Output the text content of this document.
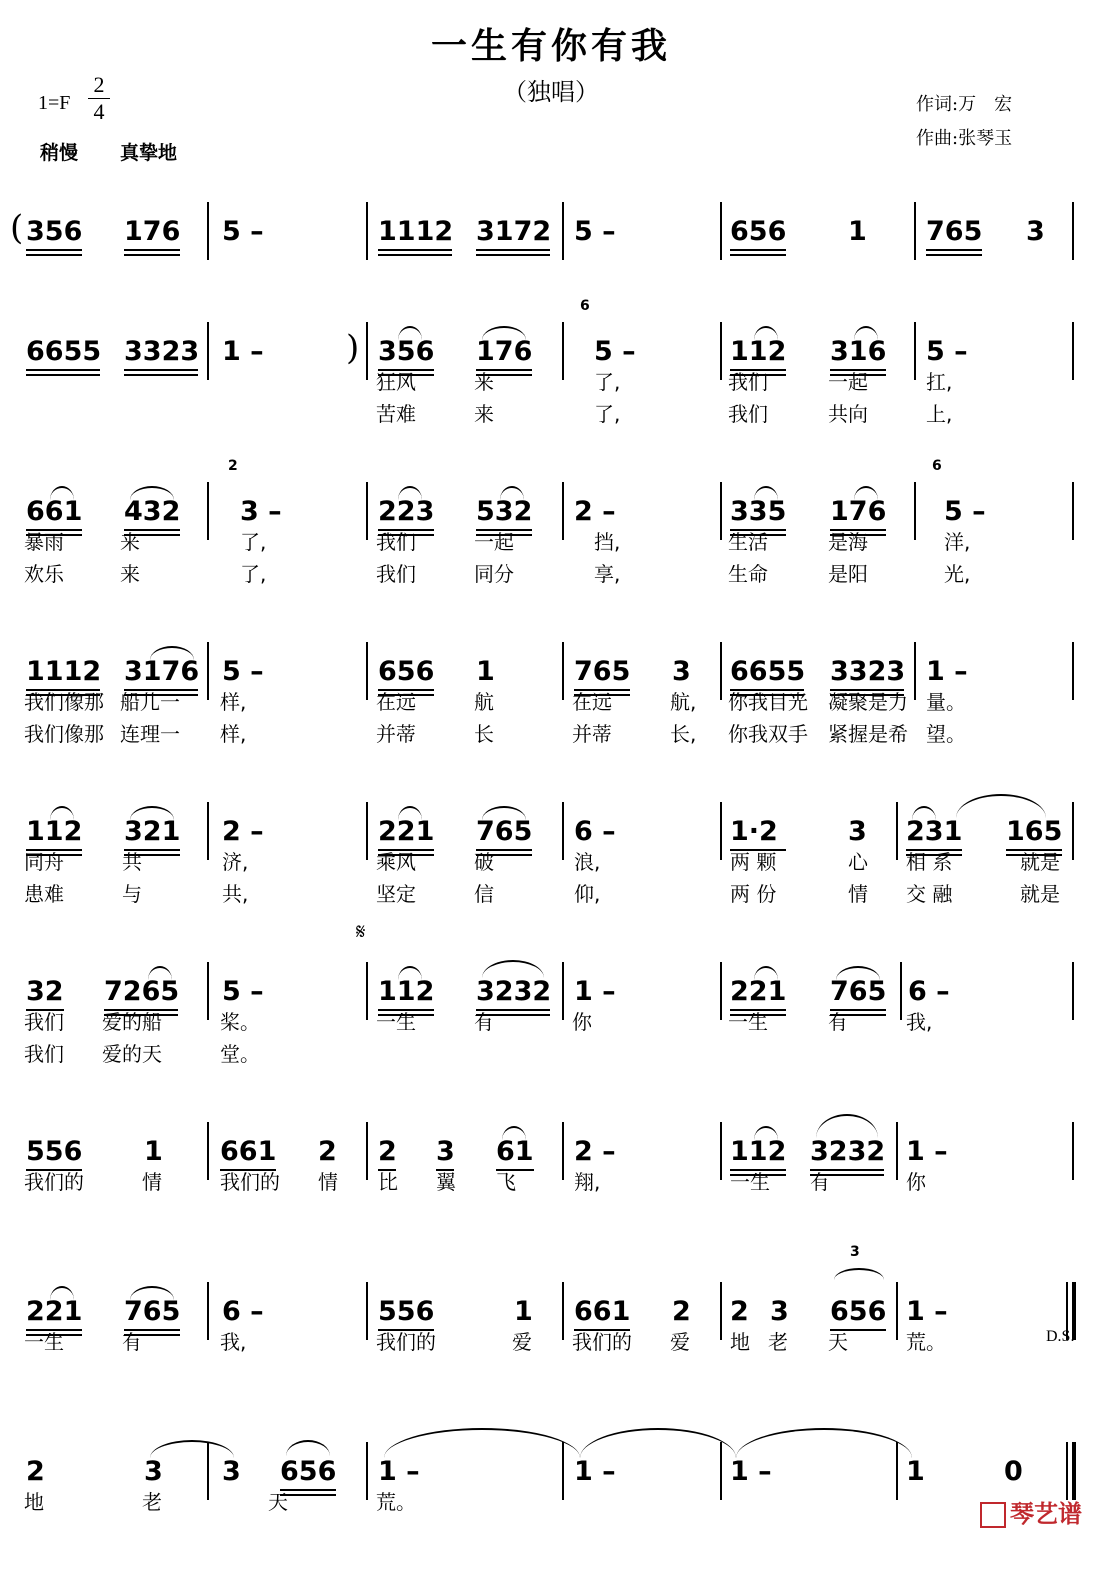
一生有你有我
（独唱）
1=F
2
4
稍慢 真挚地
作词:万　宏
作曲:张琴玉
( 356 176 5 –	1112 3172 5 –	656 1 765 3
6655 3323 1 – ) 356 176
6
5 –	112 316 5 –
狂风	来	了,	我们	一起	扛,
苦难	来	了,	我们	共向	上,
661 432
2
3 –	223 532 2 –	335 176
6
5 –
暴雨	来	了,	我们	一起	挡,	生活	是海	洋,
欢乐	来	了,	我们	同分	享,	生命	是阳	光,
1112 3176 5 –	656 1	765 3 6655 3323 1 –
我们像那 船儿一 样,	在远	航	在远	航, 你我目光 凝聚是力 量。
我们像那 连理一 样,	并蒂	长	并蒂	长, 你我双手 紧握是希 望。
112 321 2 –	221 765 6 –	1·2	3 231 165
同舟	共	济,	乘风	破	浪,	两 颗	心 相 系	就是
患难	与	共,	坚定	信	仰,	两 份	情 交 融	就是
32 7265 5 –
𝄋
112 3232 1 –	221 765 6 –
我们 爱的船	桨。	一生	有	你	一生	有	我,
我们 爱的天	堂。
556 1 661 2 2 3 61 2 –	112 3232 1 –
我们的	情	我们的 情 比 翼 飞	翔,	一生 有	你
221 765 6 –	556	1 661 2 2 3
3
656 1 –
D.S.
一生	有	我,	我们的	爱 我们的 爱 地 老 天	荒。
2	3 3 656 1 –	1 –	1 –	1	0
地	老	天	荒。	琴艺谱
